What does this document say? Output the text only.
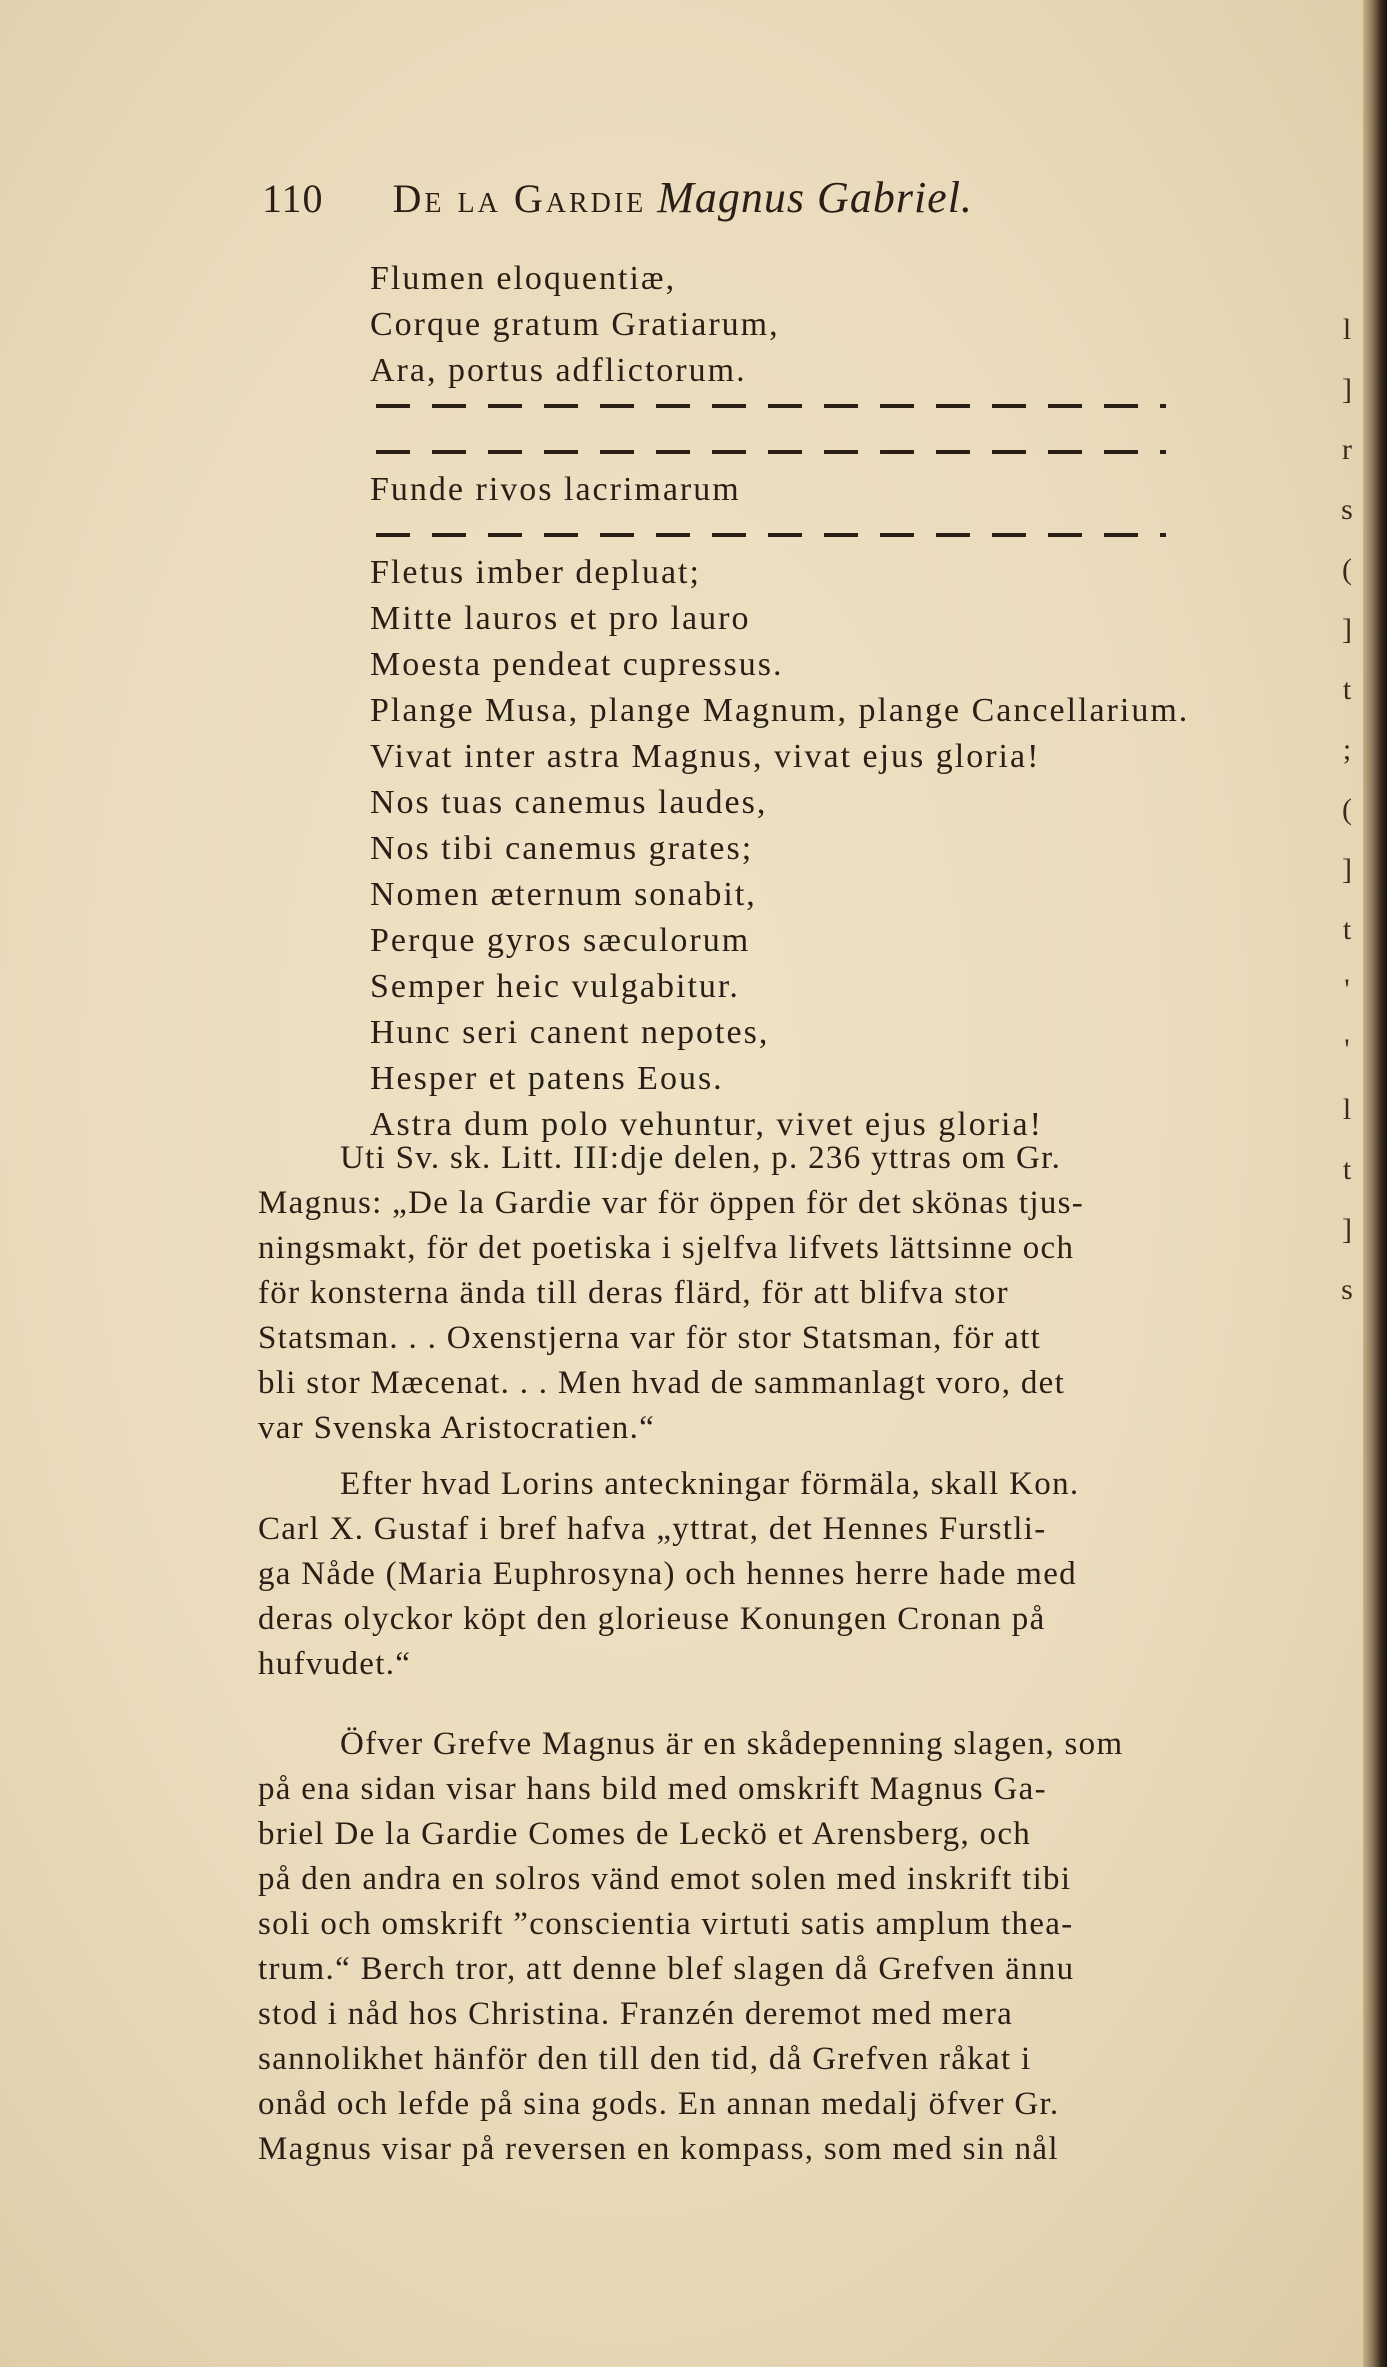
110 De la Gardie Magnus Gabriel.
Flumen eloquentiæ,
Corque gratum Gratiarum,
Ara, portus adflictorum.
Funde rivos lacrimarum
Fletus imber depluat;
Mitte lauros et pro lauro
Moesta pendeat cupressus.
Plange Musa, plange Magnum, plange Cancellarium.
Vivat inter astra Magnus, vivat ejus gloria!
Nos tuas canemus laudes,
Nos tibi canemus grates;
Nomen æternum sonabit,
Perque gyros sæculorum
Semper heic vulgabitur.
Hunc seri canent nepotes,
Hesper et patens Eous.
Astra dum polo vehuntur, vivet ejus gloria!
Uti Sv. sk. Litt. III:dje delen, p. 236 yttras om Gr.
Magnus: „De la Gardie var för öppen för det skönas tjus-
ningsmakt, för det poetiska i sjelfva lifvets lättsinne och
för konsterna ända till deras flärd, för att blifva stor
Statsman. . . Oxenstjerna var för stor Statsman, för att
bli stor Mæcenat. . . Men hvad de sammanlagt voro, det
var Svenska Aristocratien.“
Efter hvad Lorins anteckningar förmäla, skall Kon.
Carl X. Gustaf i bref hafva „yttrat, det Hennes Furstli-
ga Nåde (Maria Euphrosyna) och hennes herre hade med
deras olyckor köpt den glorieuse Konungen Cronan på
hufvudet.“
Öfver Grefve Magnus är en skådepenning slagen, som
på ena sidan visar hans bild med omskrift Magnus Ga-
briel De la Gardie Comes de Leckö et Arensberg, och
på den andra en solros vänd emot solen med inskrift tibi
soli och omskrift ”conscientia virtuti satis amplum thea-
trum.“ Berch tror, att denne blef slagen då Grefven ännu
stod i nåd hos Christina. Franzén deremot med mera
sannolikhet hänför den till den tid, då Grefven råkat i
onåd och lefde på sina gods. En annan medalj öfver Gr.
Magnus visar på reversen en kompass, som med sin nål
l
]
r
s
(
]
t
;
(
]
t
'
'
l
t
]
s
